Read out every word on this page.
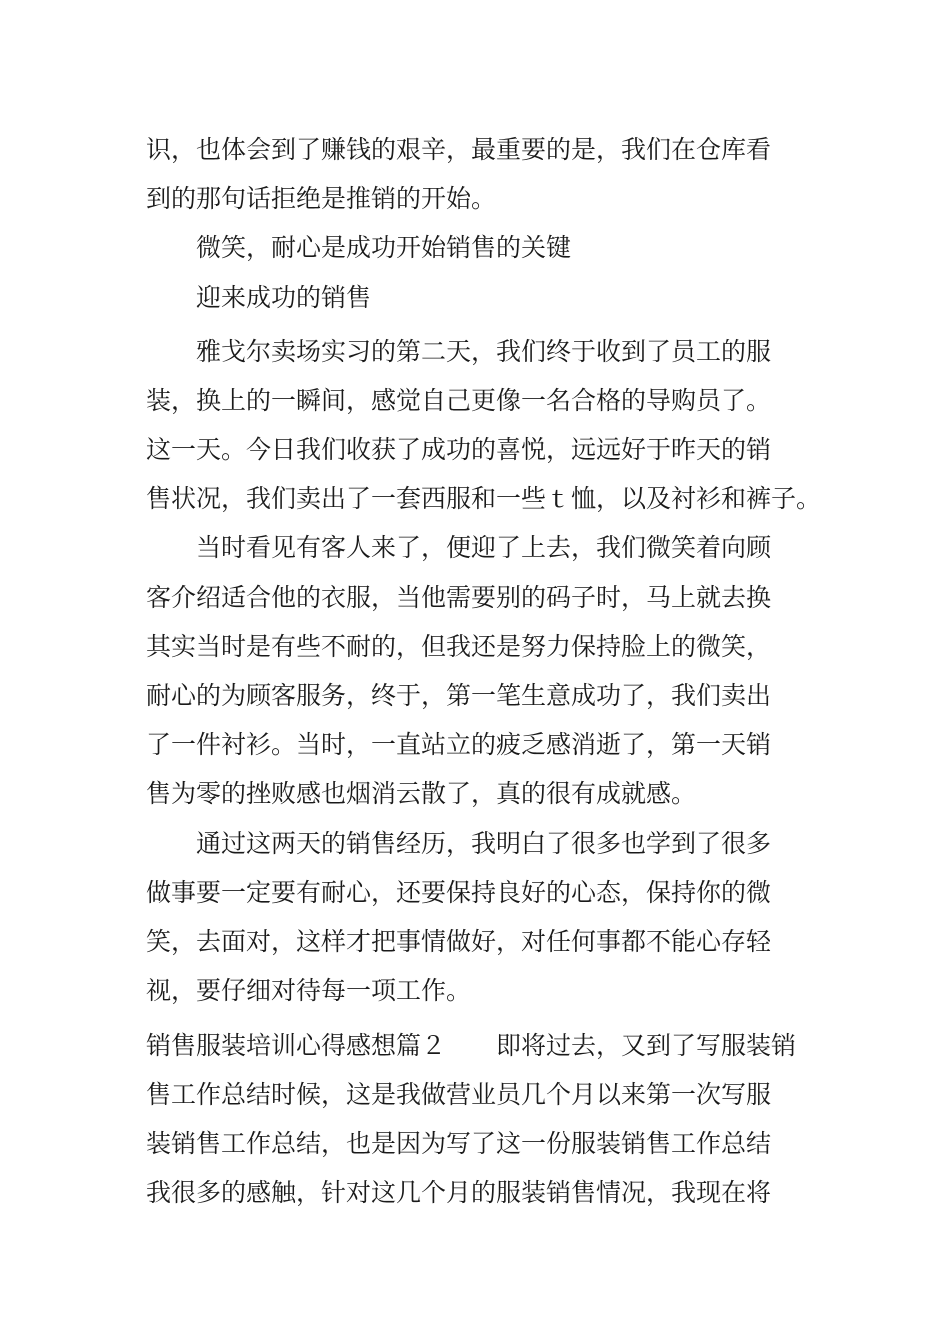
识，也体会到了赚钱的艰辛，最重要的是，我们在仓库看

到的那句话拒绝是推销的开始。

微笑，耐心是成功开始销售的关键

迎来成功的销售

雅戈尔卖场实习的第二天，我们终于收到了员工的服

装，换上的一瞬间，感觉自己更像一名合格的导购员了。

这一天。今日我们收获了成功的喜悦，远远好于昨天的销

售状况，我们卖出了一套西服和一些ｔ恤，以及衬衫和裤子。

当时看见有客人来了，便迎了上去，我们微笑着向顾

客介绍适合他的衣服，当他需要别的码子时，马上就去换

其实当时是有些不耐的，但我还是努力保持脸上的微笑，

耐心的为顾客服务，终于，第一笔生意成功了，我们卖出

了一件衬衫。当时，一直站立的疲乏感消逝了，第一天销

售为零的挫败感也烟消云散了，真的很有成就感。

通过这两天的销售经历，我明白了很多也学到了很多

做事要一定要有耐心，还要保持良好的心态，保持你的微

笑，去面对，这样才把事情做好，对任何事都不能心存轻

视，要仔细对待每一项工作。

销售服装培训心得感想篇２　　即将过去，又到了写服装销

售工作总结时候，这是我做营业员几个月以来第一次写服

装销售工作总结，也是因为写了这一份服装销售工作总结

我很多的感触，针对这几个月的服装销售情况，我现在将
